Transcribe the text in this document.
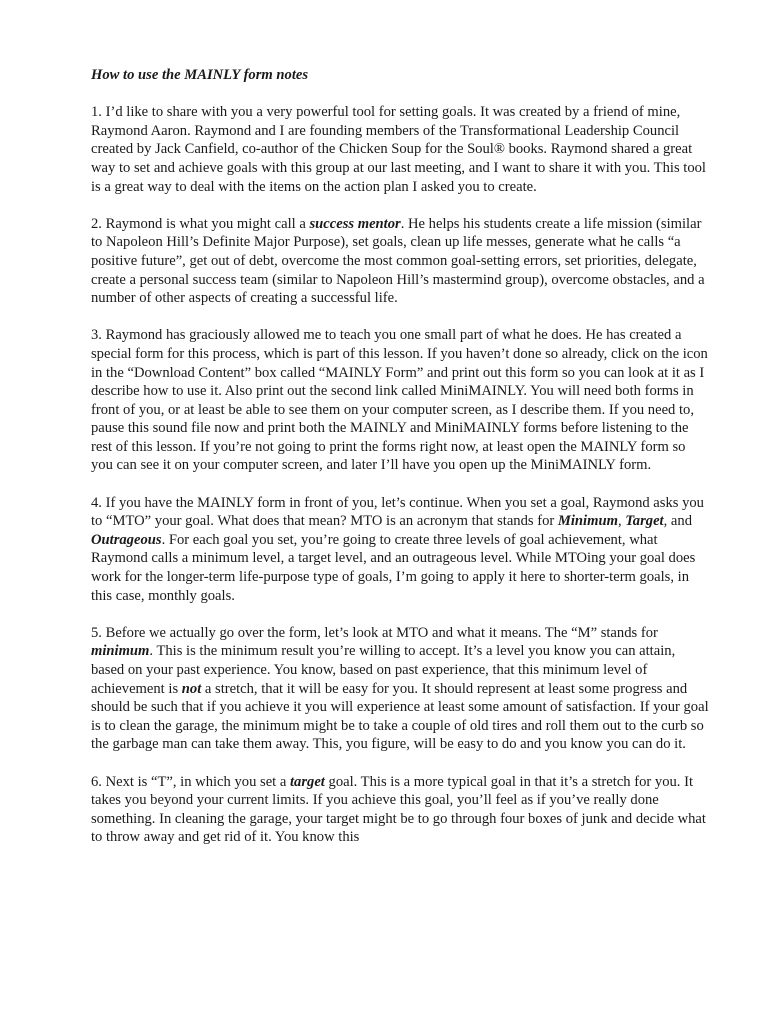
How to use the MAINLY form notes

1. I’d like to share with you a very powerful tool for setting goals. It was created by a friend of mine, Raymond Aaron. Raymond and I are founding members of the Transformational Leadership Council created by Jack Canfield, co-author of the Chicken Soup for the Soul® books. Raymond shared a great way to set and achieve goals with this group at our last meeting, and I want to share it with you. This tool is a great way to deal with the items on the action plan I asked you to create.

2. Raymond is what you might call a success mentor. He helps his students create a life mission (similar to Napoleon Hill’s Definite Major Purpose), set goals, clean up life messes, generate what he calls “a positive future”, get out of debt, overcome the most common goal-setting errors, set priorities, delegate, create a personal success team (similar to Napoleon Hill’s mastermind group), overcome obstacles, and a number of other aspects of creating a successful life.

3. Raymond has graciously allowed me to teach you one small part of what he does. He has created a special form for this process, which is part of this lesson. If you haven’t done so already, click on the icon in the “Download Content” box called “MAINLY Form” and print out this form so you can look at it as I describe how to use it. Also print out the second link called MiniMAINLY. You will need both forms in front of you, or at least be able to see them on your computer screen, as I describe them. If you need to, pause this sound file now and print both the MAINLY and MiniMAINLY forms before listening to the rest of this lesson. If you’re not going to print the forms right now, at least open the MAINLY form so you can see it on your computer screen, and later I’ll have you open up the MiniMAINLY form.

4. If you have the MAINLY form in front of you, let’s continue. When you set a goal, Raymond asks you to “MTO” your goal. What does that mean? MTO is an acronym that stands for Minimum, Target, and Outrageous. For each goal you set, you’re going to create three levels of goal achievement, what Raymond calls a minimum level, a target level, and an outrageous level. While MTOing your goal does work for the longer-term life-purpose type of goals, I’m going to apply it here to shorter-term goals, in this case, monthly goals.

5. Before we actually go over the form, let’s look at MTO and what it means. The “M” stands for minimum. This is the minimum result you’re willing to accept. It’s a level you know you can attain, based on your past experience. You know, based on past experience, that this minimum level of achievement is not a stretch, that it will be easy for you. It should represent at least some progress and should be such that if you achieve it you will experience at least some amount of satisfaction. If your goal is to clean the garage, the minimum might be to take a couple of old tires and roll them out to the curb so the garbage man can take them away. This, you figure, will be easy to do and you know you can do it.

6. Next is “T”, in which you set a target goal. This is a more typical goal in that it’s a stretch for you. It takes you beyond your current limits. If you achieve this goal, you’ll feel as if you’ve really done something. In cleaning the garage, your target might be to go through four boxes of junk and decide what to throw away and get rid of it. You know this
